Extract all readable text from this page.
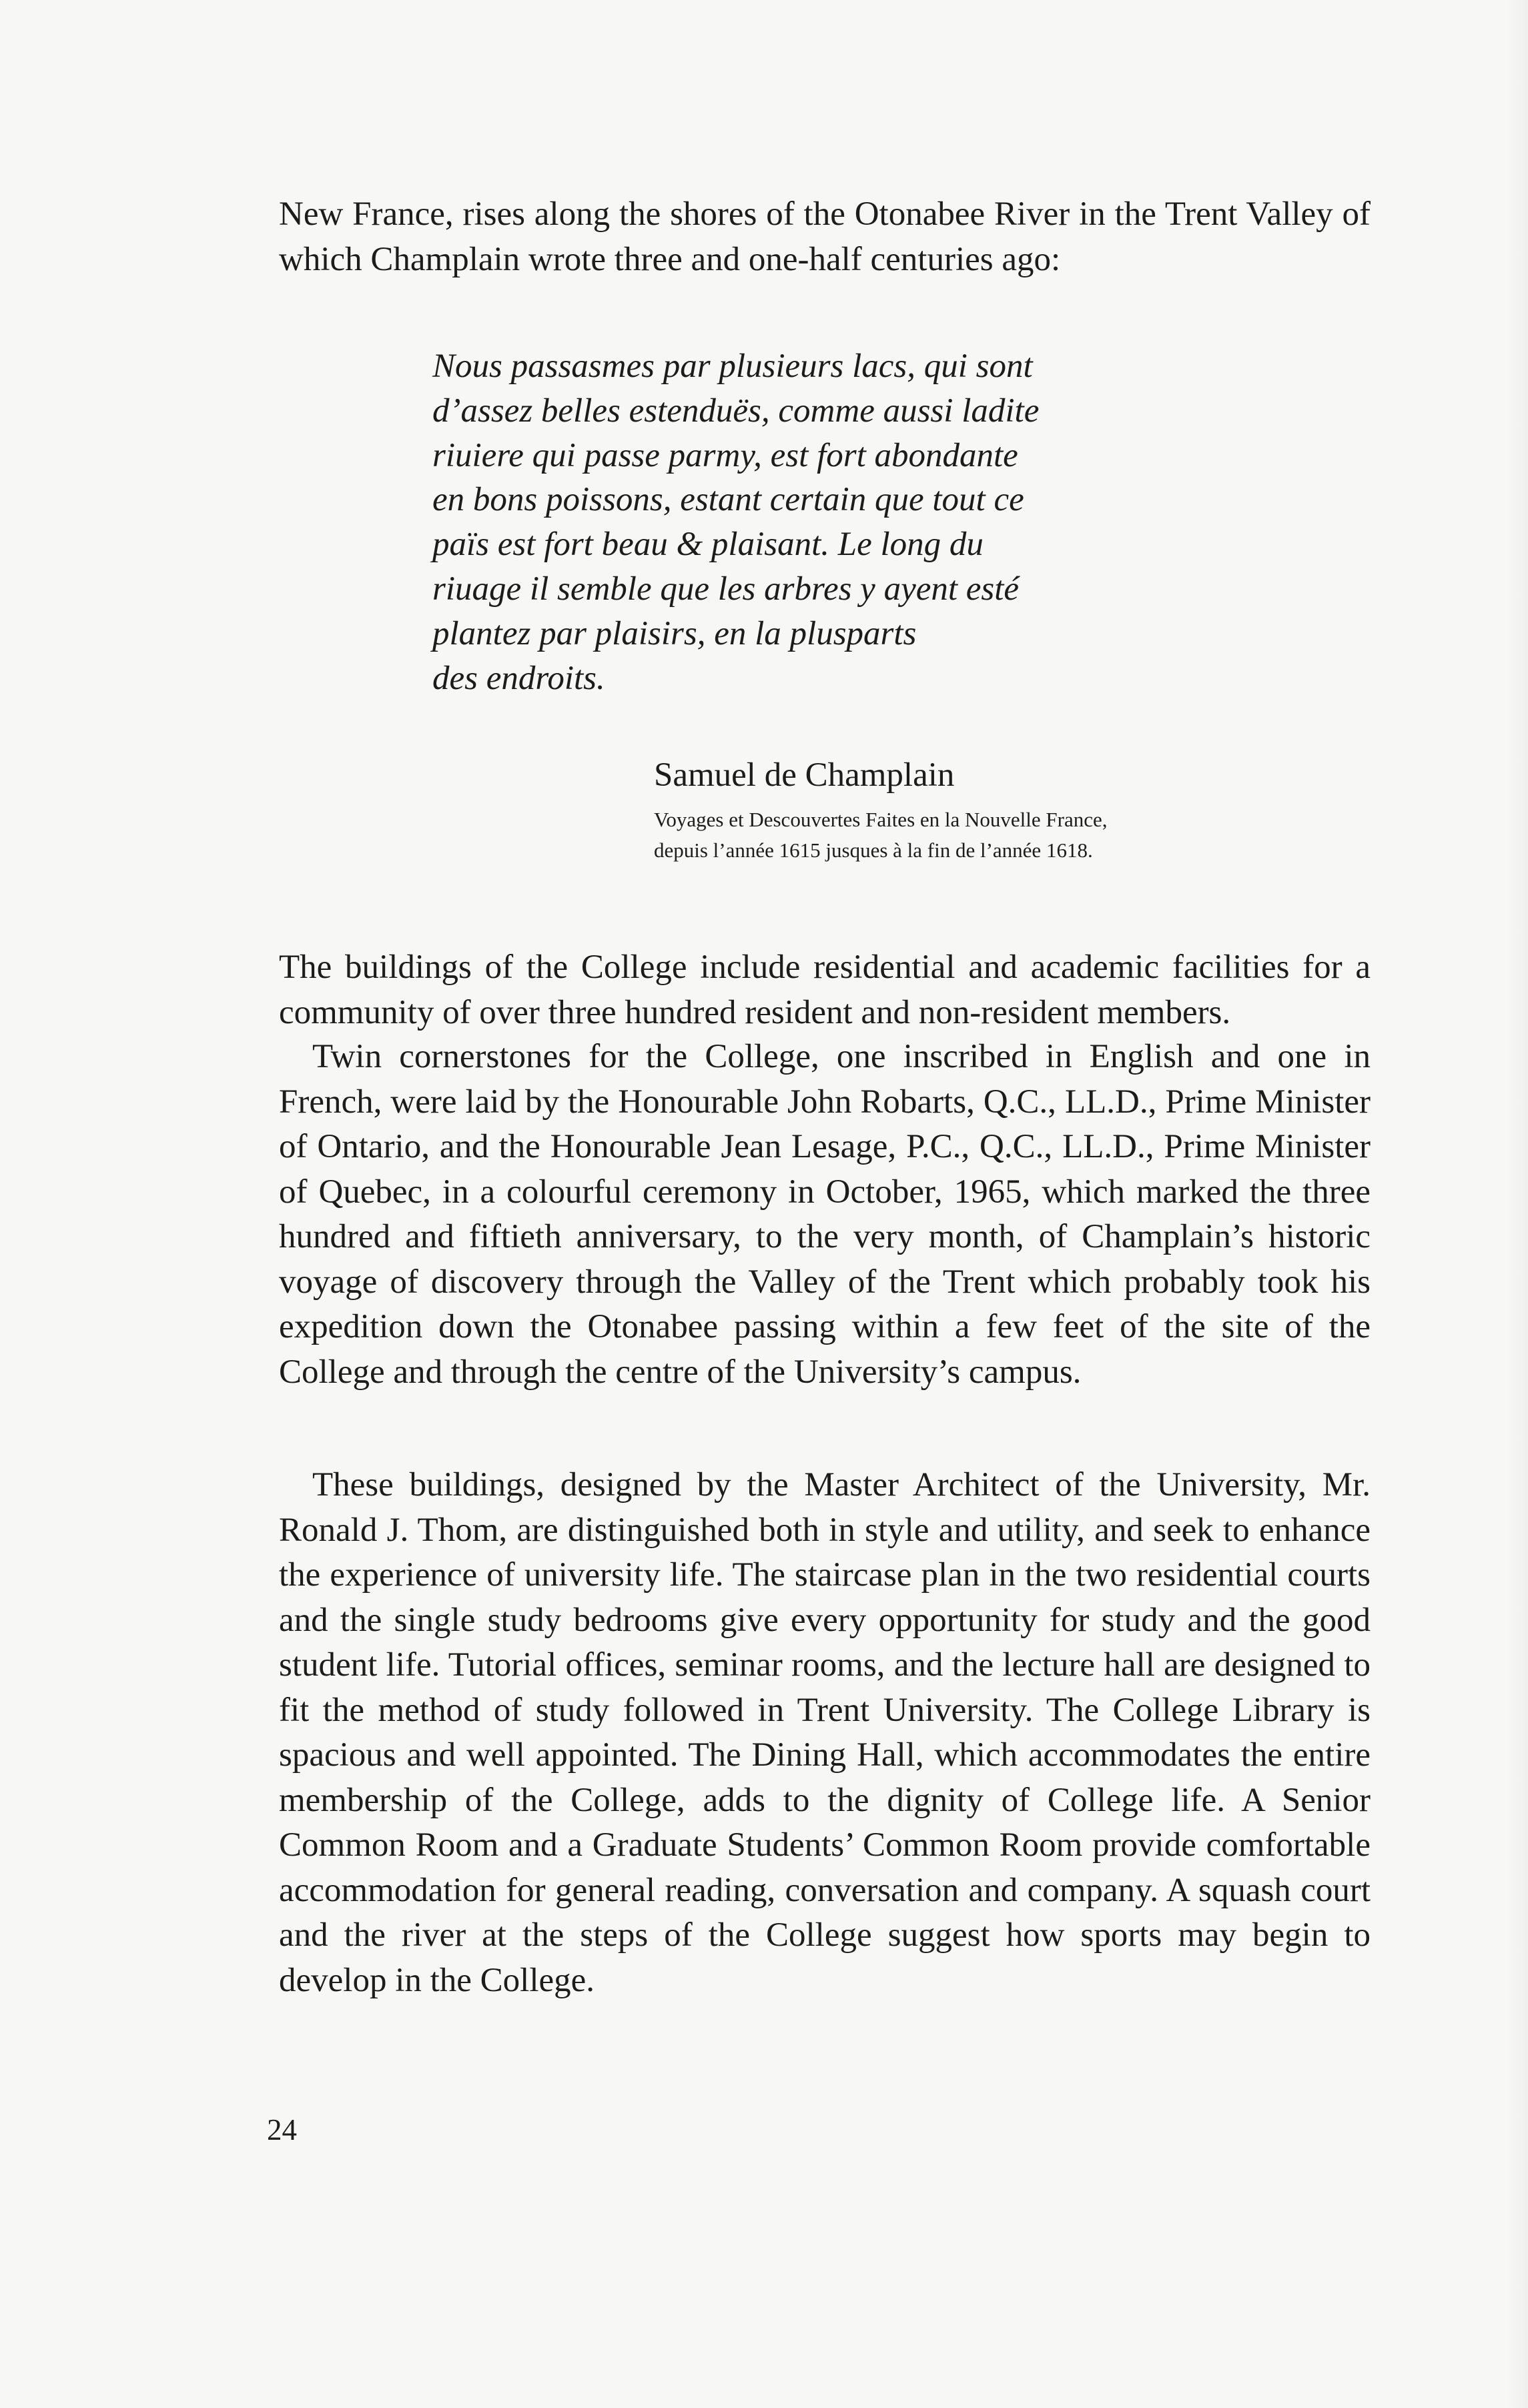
New France, rises along the shores of the Otonabee River in the Trent Valley of which Champlain wrote three and one-half centuries ago:

Nous passasmes par plusieurs lacs, qui sont
d’assez belles estenduës, comme aussi ladite
riuiere qui passe parmy, est fort abondante
en bons poissons, estant certain que tout ce
païs est fort beau & plaisant. Le long du
riuage il semble que les arbres y ayent esté
plantez par plaisirs, en la plusparts
des endroits.

Samuel de Champlain

Voyages et Descouvertes Faites en la Nouvelle France,
depuis l’année 1615 jusques à la fin de l’année 1618.

The buildings of the College include residential and academic facilities for a community of over three hundred resident and non-resident members.

Twin cornerstones for the College, one inscribed in English and one in French, were laid by the Honourable John Robarts, Q.C., LL.D., Prime Minister of Ontario, and the Honourable Jean Lesage, P.C., Q.C., LL.D., Prime Minister of Quebec, in a colourful ceremony in October, 1965, which marked the three hundred and fiftieth anniversary, to the very month, of Champlain’s historic voyage of discovery through the Valley of the Trent which probably took his expedition down the Otonabee passing within a few feet of the site of the College and through the centre of the University’s campus.

These buildings, designed by the Master Architect of the University, Mr. Ronald J. Thom, are distinguished both in style and utility, and seek to enhance the experience of university life. The staircase plan in the two residential courts and the single study bedrooms give every opportunity for study and the good student life. Tutorial offices, seminar rooms, and the lecture hall are designed to fit the method of study followed in Trent University. The College Library is spacious and well appointed. The Dining Hall, which accommodates the entire membership of the College, adds to the dignity of College life. A Senior Common Room and a Graduate Students’ Common Room provide comfortable accommodation for general reading, conversation and company. A squash court and the river at the steps of the College suggest how sports may begin to develop in the College.

24
